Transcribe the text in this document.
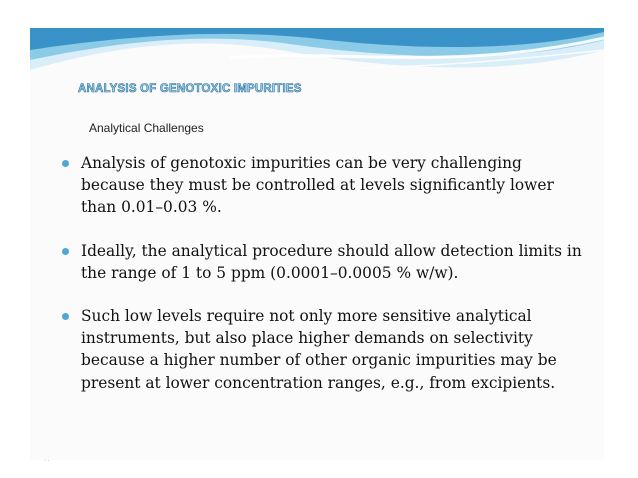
ANALYSIS OF GENOTOXIC IMPURITIES
Analytical Challenges
Analysis of genotoxic impurities can be very challenging because they must be controlled at levels significantly lower than 0.01–0.03 %.
Ideally, the analytical procedure should allow detection limits in the range of 1 to 5 ppm (0.0001–0.0005 % w/w).
Such low levels require not only more sensitive analytical instruments, but also place higher demands on selectivity because a higher number of other organic impurities may be present at lower concentration ranges, e.g., from excipients.
· ·
